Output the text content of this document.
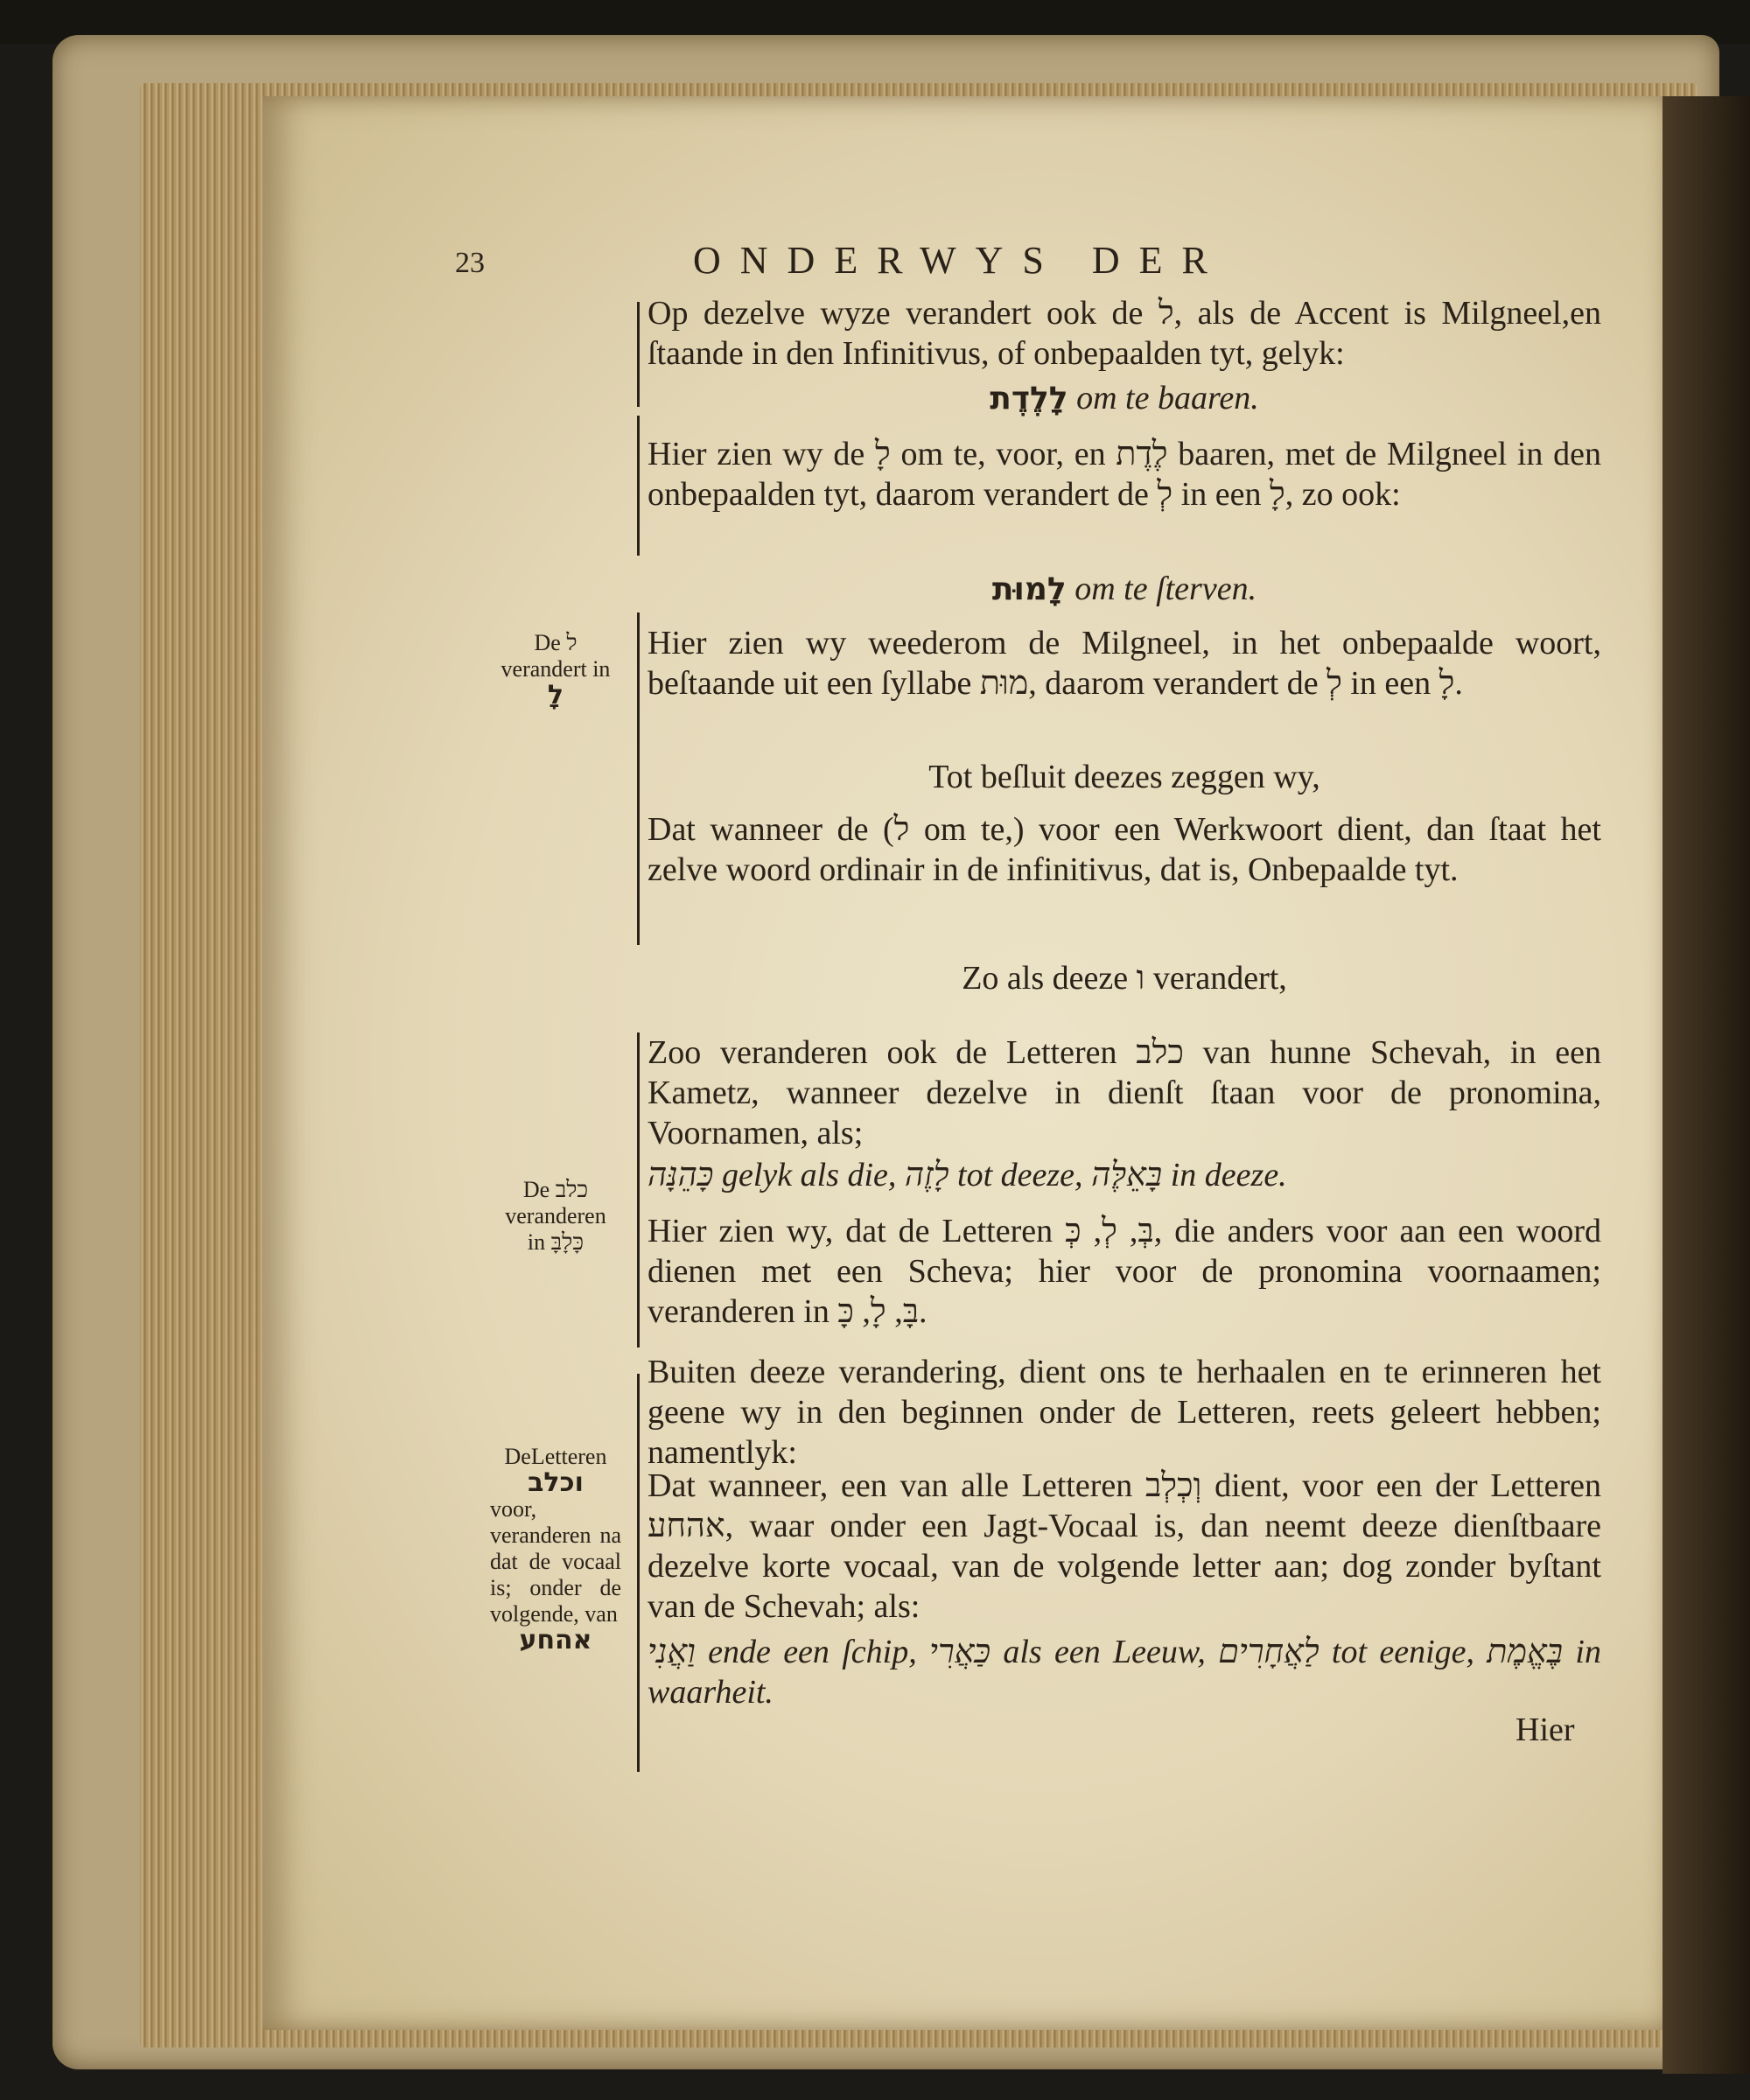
23	ONDERWYS DER

Op dezelve wyze verandert ook de ל, als de Accent is Milgneel,en ſtaande in den Infinitivus, of onbepaalden tyt, gelyk:

לָלֶדֶת om te baaren.

Hier zien wy de לָ om te, voor, en לֶדֶת baaren, met de Milgneel in den onbepaalden tyt, daarom verandert de לְ in een לָ, zo ook:

לָמוּת om te ſterven.

Hier zien wy weederom de Milgneel, in het onbepaalde woort, beſtaande uit een ſyllabe מוּת, daarom verandert de לְ in een לָ.

Tot beſluit deezes zeggen wy,

Dat wanneer de (ל om te,) voor een Werkwoort dient, dan ſtaat het zelve woord ordinair in de infinitivus, dat is, Onbepaalde tyt.

Zo als deeze ו verandert,

Zoo veranderen ook de Letteren כלב van hunne Schevah, in een Kametz, wanneer dezelve in dienſt ſtaan voor de pronomina, Voornamen, als;

כָּהֵנָּה gelyk als die, לָזֶה tot deeze, בָּאֵלֶּה in deeze.

Hier zien wy, dat de Letteren בְּ, לְ, כְּ, die anders voor aan een woord dienen met een Scheva; hier voor de pronomina voornaamen; veranderen in בָּ, לָ, כָּ.

Buiten deeze verandering, dient ons te herhaalen en te erinneren het geene wy in den beginnen onder de Letteren, reets geleert hebben; namentlyk:

Dat wanneer, een van alle Letteren וְכְלְב dient, voor een der Letteren אהחע, waar onder een Jagt-Vocaal is, dan neemt deeze dienſtbaare dezelve korte vocaal, van de volgende letter aan; dog zonder byſtant van de Schevah; als:

וַאֲנִי ende een ſchip, כַּאֲרִי als een Leeuw, לַאֲחָרִים tot eenige, בֶּאֱמֶת in waarheit.

Hier
De ל
verandert in
לָ
De כלב
veranderen
in כָּלָבָּ
DeLetteren
וכלב
voor, veranderen na dat de vocaal is; onder de volgende, van
אהחע
